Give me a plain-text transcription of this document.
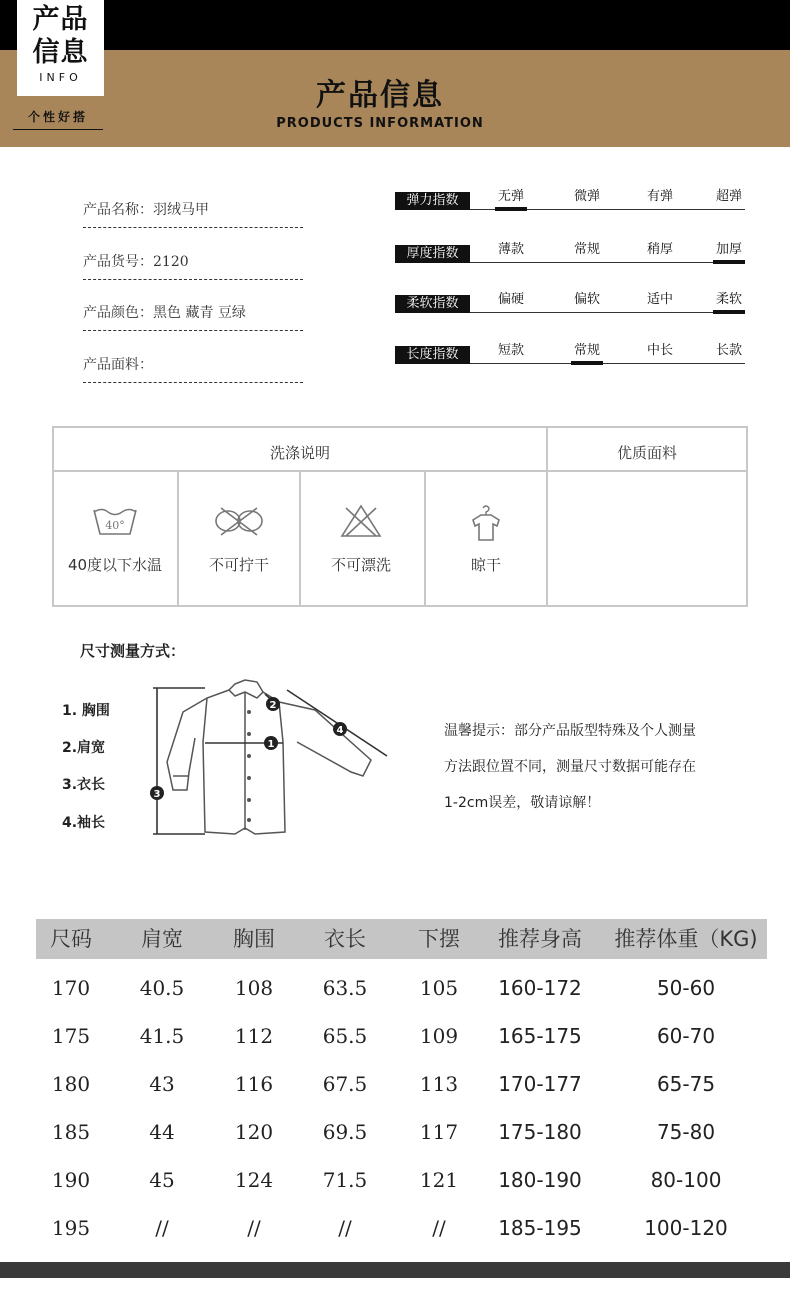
产品
信息
INFO
个性好搭
产品信息
PRODUCTS INFORMATION
产品名称：羽绒马甲
产品货号：2120
产品颜色：黑色 藏青 豆绿
产品面料：
弹力指数	无弹	微弹	有弹	超弹
厚度指数	薄款	常规	稍厚	加厚
柔软指数	偏硬	偏软	适中	柔软
长度指数	短款	常规	中长	长款
洗涤说明	优质面料
40°
40度以下水温	不可拧干	不可漂洗	晾干
尺寸测量方式：
1. 胸围
2.肩宽
3.衣长
4.袖长
1
2
3
4	温馨提示：部分产品版型特殊及个人测量
方法跟位置不同，测量尺寸数据可能存在
1-2cm误差，敬请谅解！
尺码	肩宽	胸围	衣长	下摆	推荐身高	推荐体重（KG)
170	40.5	108	63.5	105	160-172	50-60
175	41.5	112	65.5	109	165-175	60-70
180	43	116	67.5	113	170-177	65-75
185	44	120	69.5	117	175-180	75-80
190	45	124	71.5	121	180-190	80-100
195	//	//	//	//	185-195	100-120
